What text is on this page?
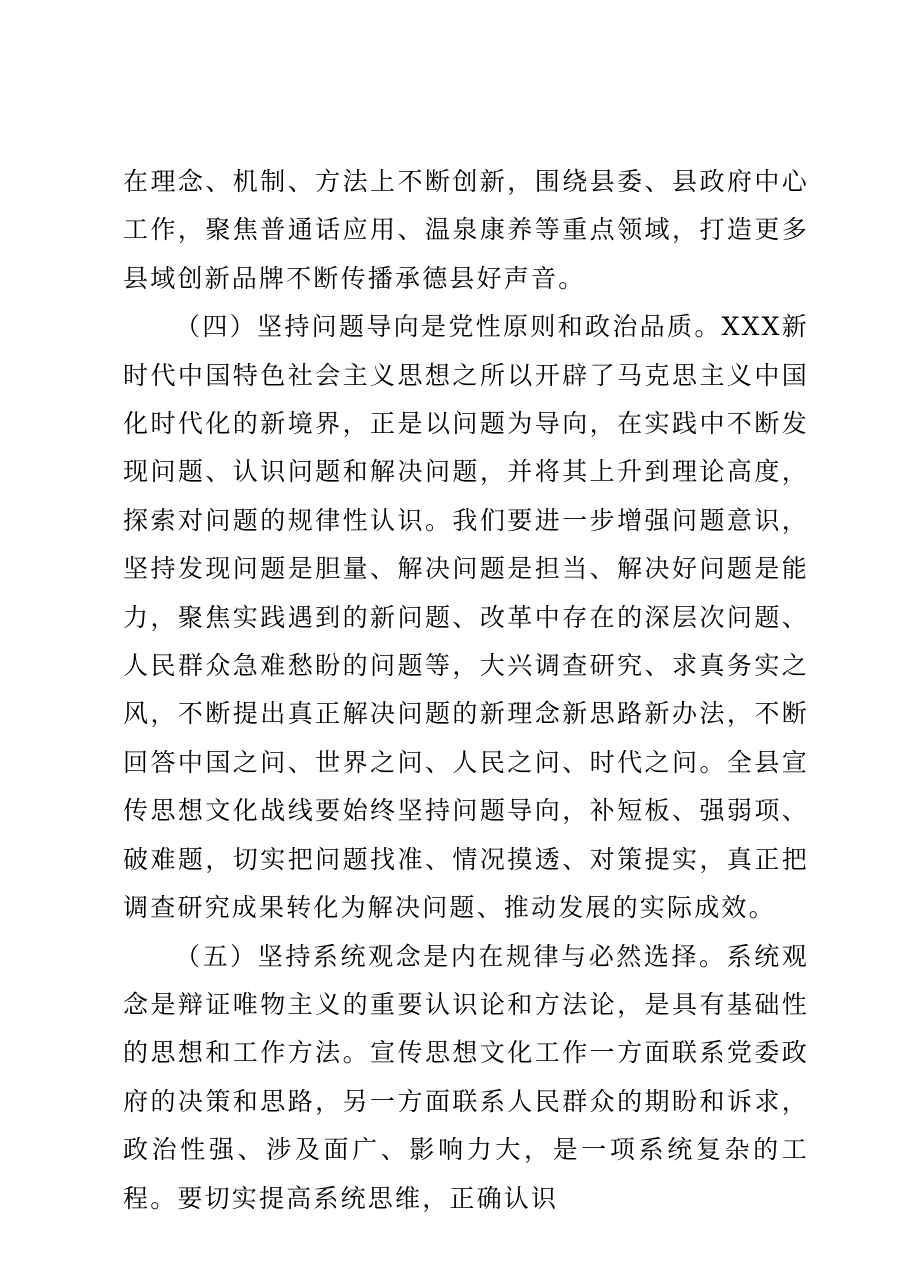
在理念、机制、方法上不断创新，围绕县委、县政府中心工作，聚焦普通话应用、温泉康养等重点领域，打造更多县域创新品牌不断传播承德县好声音。

（四）坚持问题导向是党性原则和政治品质。XXX新时代中国特色社会主义思想之所以开辟了马克思主义中国化时代化的新境界，正是以问题为导向，在实践中不断发现问题、认识问题和解决问题，并将其上升到理论高度，探索对问题的规律性认识。我们要进一步增强问题意识，坚持发现问题是胆量、解决问题是担当、解决好问题是能力，聚焦实践遇到的新问题、改革中存在的深层次问题、人民群众急难愁盼的问题等，大兴调查研究、求真务实之风，不断提出真正解决问题的新理念新思路新办法，不断回答中国之问、世界之问、人民之问、时代之问。全县宣传思想文化战线要始终坚持问题导向，补短板、强弱项、破难题，切实把问题找准、情况摸透、对策提实，真正把调查研究成果转化为解决问题、推动发展的实际成效。

（五）坚持系统观念是内在规律与必然选择。系统观念是辩证唯物主义的重要认识论和方法论，是具有基础性的思想和工作方法。宣传思想文化工作一方面联系党委政府的决策和思路，另一方面联系人民群众的期盼和诉求，政治性强、涉及面广、影响力大，是一项系统复杂的工程。要切实提高系统思维，正确认识
